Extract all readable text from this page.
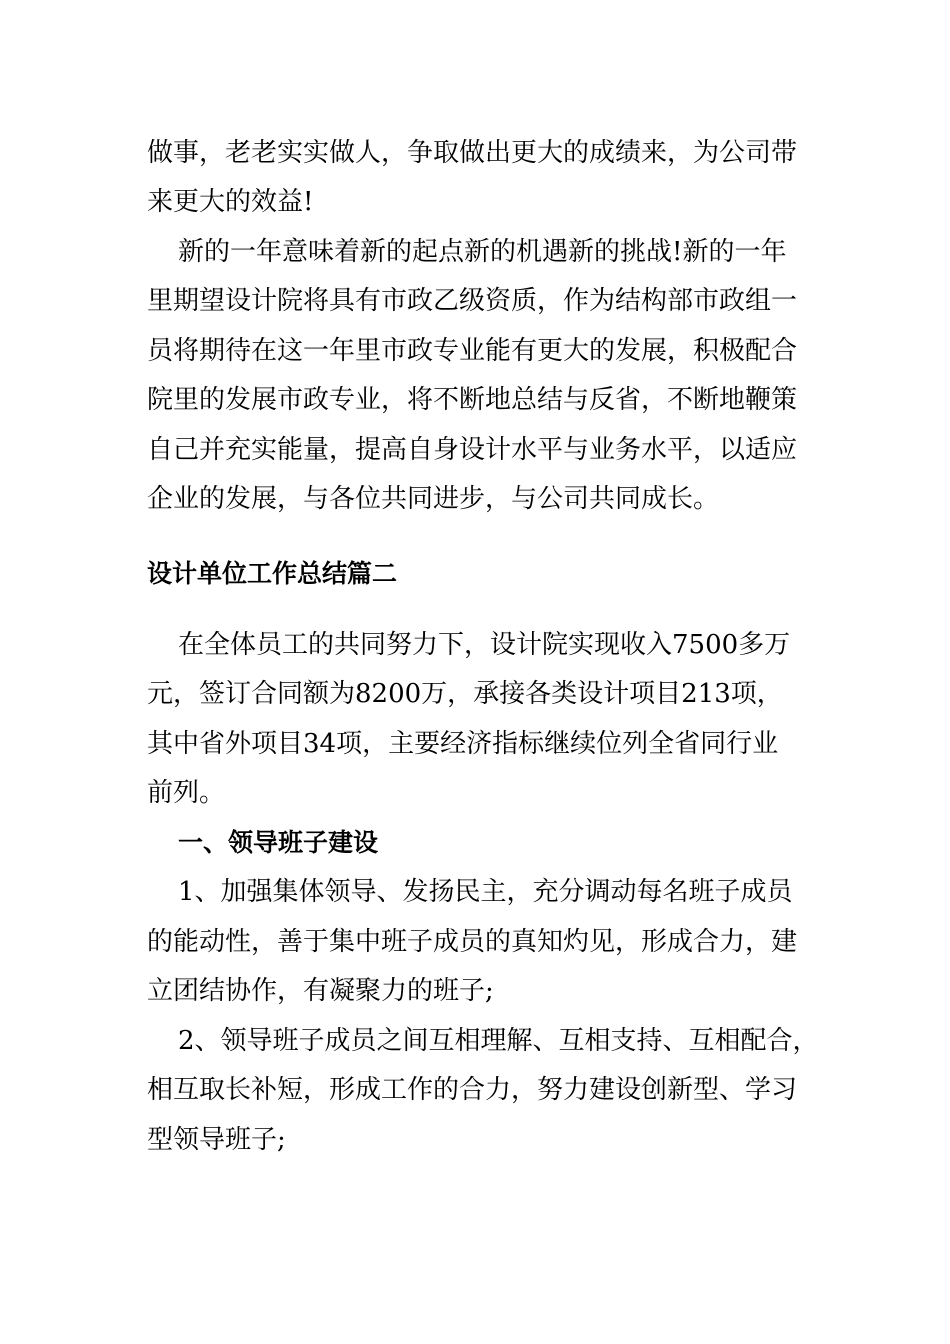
做事，老老实实做人，争取做出更大的成绩来，为公司带
来更大的效益!
新的一年意味着新的起点新的机遇新的挑战!新的一年
里期望设计院将具有市政乙级资质，作为结构部市政组一
员将期待在这一年里市政专业能有更大的发展，积极配合
院里的发展市政专业，将不断地总结与反省，不断地鞭策
自己并充实能量，提高自身设计水平与业务水平，以适应
企业的发展，与各位共同进步，与公司共同成长。
设计单位工作总结篇二
在全体员工的共同努力下，设计院实现收入7500多万
元，签订合同额为8200万，承接各类设计项目213项，
其中省外项目34项，主要经济指标继续位列全省同行业
前列。
一、领导班子建设
1、加强集体领导、发扬民主，充分调动每名班子成员
的能动性，善于集中班子成员的真知灼见，形成合力，建
立团结协作，有凝聚力的班子;
2、领导班子成员之间互相理解、互相支持、互相配合，
相互取长补短，形成工作的合力，努力建设创新型、学习
型领导班子;
